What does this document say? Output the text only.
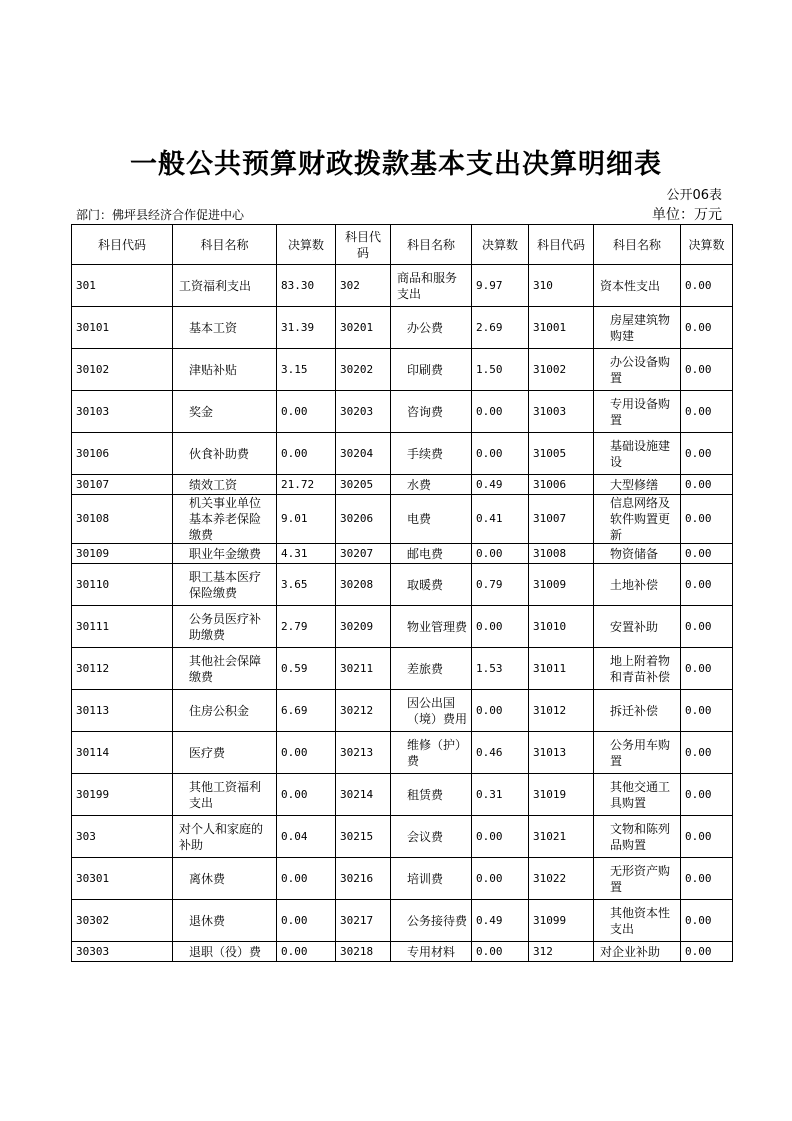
一般公共预算财政拨款基本支出决算明细表
公开06表
部门：佛坪县经济合作促进中心	单位：万元
科目代码	科目名称	决算数	科目代码	科目名称	决算数	科目代码	科目名称	决算数
301	工资福利支出	83.30	302	商品和服务支出	9.97	310	资本性支出	0.00
30101	基本工资	31.39	30201	办公费	2.69	31001	房屋建筑物购建	0.00
30102	津贴补贴	3.15	30202	印刷费	1.50	31002	办公设备购置	0.00
30103	奖金	0.00	30203	咨询费	0.00	31003	专用设备购置	0.00
30106	伙食补助费	0.00	30204	手续费	0.00	31005	基础设施建设	0.00
30107	绩效工资	21.72	30205	水费	0.49	31006	大型修缮	0.00
30108	机关事业单位基本养老保险缴费	9.01	30206	电费	0.41	31007	信息网络及软件购置更新	0.00
30109	职业年金缴费	4.31	30207	邮电费	0.00	31008	物资储备	0.00
30110	职工基本医疗保险缴费	3.65	30208	取暖费	0.79	31009	土地补偿	0.00
30111	公务员医疗补助缴费	2.79	30209	物业管理费	0.00	31010	安置补助	0.00
30112	其他社会保障缴费	0.59	30211	差旅费	1.53	31011	地上附着物和青苗补偿	0.00
30113	住房公积金	6.69	30212	因公出国（境）费用	0.00	31012	拆迁补偿	0.00
30114	医疗费	0.00	30213	维修（护）费	0.46	31013	公务用车购置	0.00
30199	其他工资福利支出	0.00	30214	租赁费	0.31	31019	其他交通工具购置	0.00
303	对个人和家庭的补助	0.04	30215	会议费	0.00	31021	文物和陈列品购置	0.00
30301	离休费	0.00	30216	培训费	0.00	31022	无形资产购置	0.00
30302	退休费	0.00	30217	公务接待费	0.49	31099	其他资本性支出	0.00
30303	退职（役）费	0.00	30218	专用材料	0.00	312	对企业补助	0.00
